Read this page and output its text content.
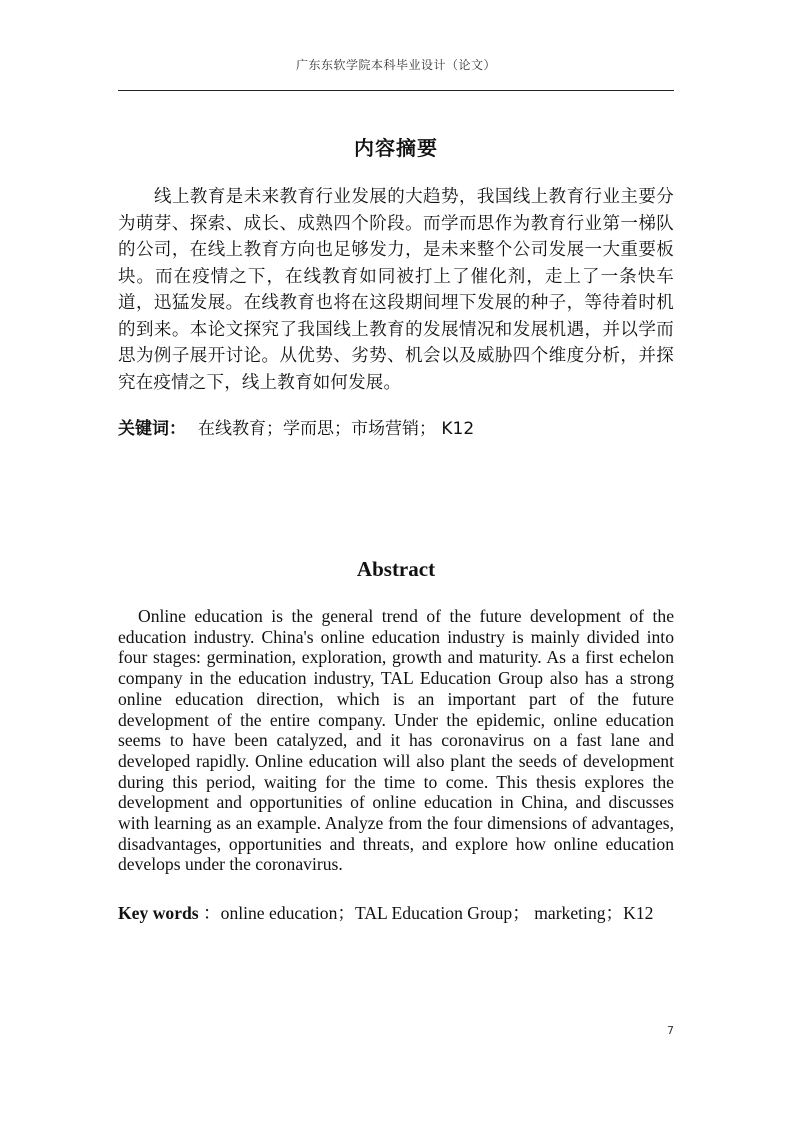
广东东软学院本科毕业设计（论文）
内容摘要

线上教育是未来教育行业发展的大趋势，我国线上教育行业主要分为萌芽、探索、成长、成熟四个阶段。而学而思作为教育行业第一梯队的公司，在线上教育方向也足够发力，是未来整个公司发展一大重要板块。而在疫情之下，在线教育如同被打上了催化剂，走上了一条快车道，迅猛发展。在线教育也将在这段期间埋下发展的种子，等待着时机的到来。本论文探究了我国线上教育的发展情况和发展机遇，并以学而思为例子展开讨论。从优势、劣势、机会以及威胁四个维度分析，并探究在疫情之下，线上教育如何发展。

关键词： 在线教育；学而思；市场营销； K12
Abstract

Online education is the general trend of the future development of the education industry. China's online education industry is mainly divided into four stages: germination, exploration, growth and maturity. As a first echelon company in the education industry, TAL Education Group also has a strong online education direction, which is an important part of the future development of the entire company. Under the epidemic, online education seems to have been catalyzed, and it has coronavirus on a fast lane and developed rapidly. Online education will also plant the seeds of development during this period, waiting for the time to come. This thesis explores the development and opportunities of online education in China, and discusses with learning as an example. Analyze from the four dimensions of advantages, disadvantages, opportunities and threats, and explore how online education develops under the coronavirus.

Key words ：online education；TAL Education Group； marketing；K12
7
